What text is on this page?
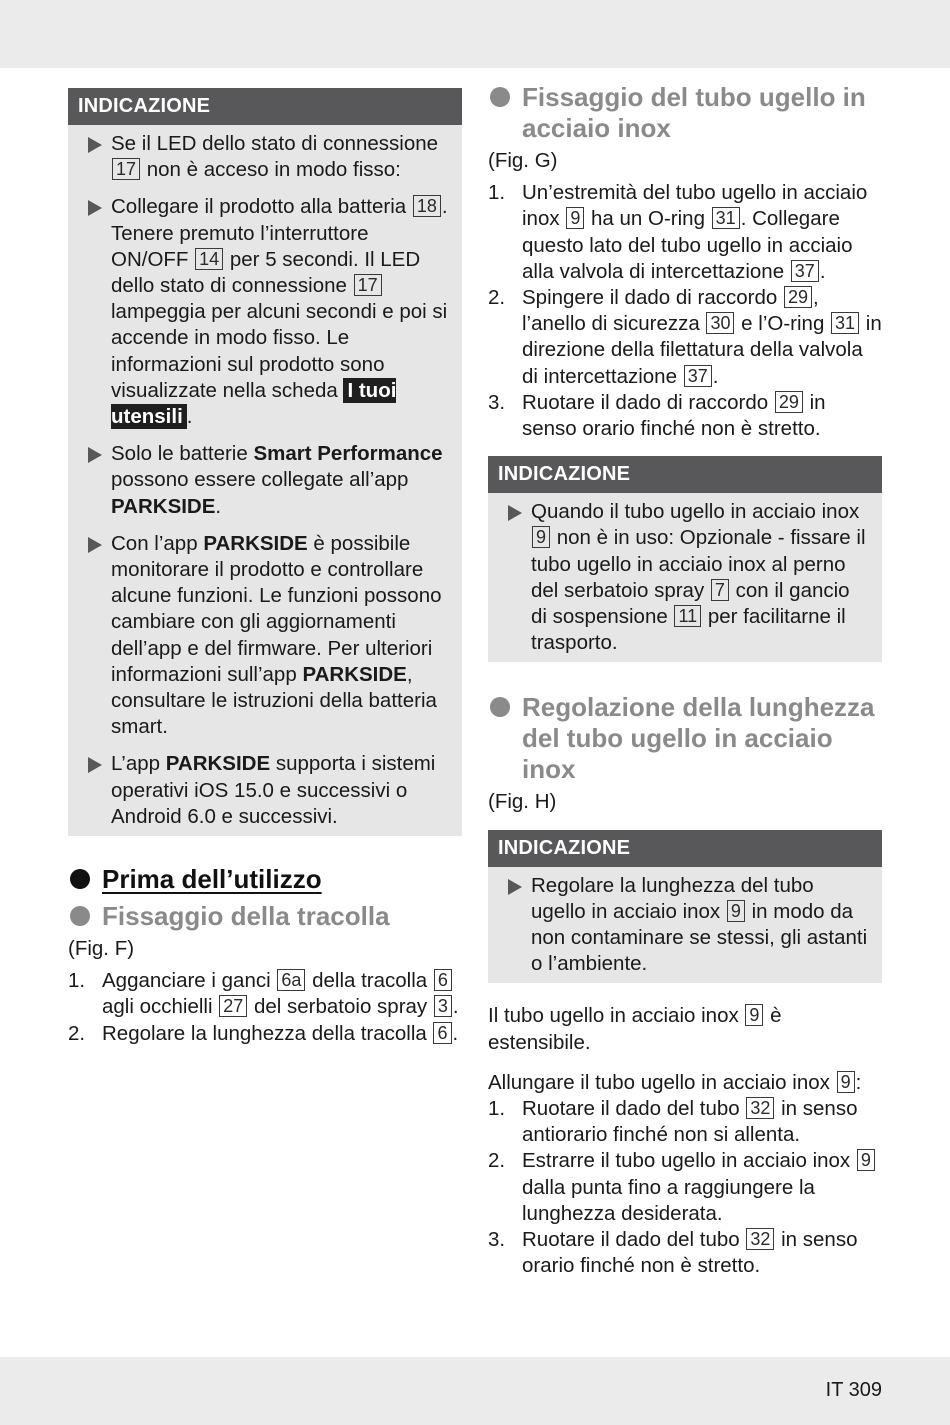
INDICAZIONE
Se il LED dello stato di connessione 17 non è acceso in modo fisso:
Collegare il prodotto alla batteria 18 . Tenere premuto l’interruttore ON/OFF 14 per 5 secondi. Il LED dello stato di connessione 17 lampeggia per alcuni secondi e poi si accende in modo fisso. Le informazioni sul prodotto sono visualizzate nella scheda I tuoi utensili .
Solo le batterie Smart Performance possono essere collegate all’app PARKSIDE.
Con l’app PARKSIDE è possibile monitorare il prodotto e controllare alcune funzioni. Le funzioni possono cambiare con gli aggiornamenti dell’app e del firmware. Per ulteriori informazioni sull’app PARKSIDE, consultare le istruzioni della batteria smart.
L’app PARKSIDE supporta i sistemi operativi iOS 15.0 e successivi o Android 6.0 e successivi.
Prima dell’utilizzo
Fissaggio della tracolla
(Fig. F)
1. Agganciare i ganci 6a della tracolla 6 agli occhielli 27 del serbatoio spray 3 .
2. Regolare la lunghezza della tracolla 6 .
Fissaggio del tubo ugello in acciaio inox
(Fig. G)
1. Un’estremità del tubo ugello in acciaio inox 9 ha un O-ring 31 . Collegare questo lato del tubo ugello in acciaio alla valvola di intercettazione 37 .
2. Spingere il dado di raccordo 29 , l’anello di sicurezza 30 e l’O-ring 31 in direzione della filettatura della valvola di intercettazione 37 .
3. Ruotare il dado di raccordo 29 in senso orario finché non è stretto.
INDICAZIONE
Quando il tubo ugello in acciaio inox 9 non è in uso: Opzionale - fissare il tubo ugello in acciaio inox al perno del serbatoio spray 7 con il gancio di sospensione 11 per facilitarne il trasporto.
Regolazione della lunghezza del tubo ugello in acciaio inox
(Fig. H)
INDICAZIONE
Regolare la lunghezza del tubo ugello in acciaio inox 9 in modo da non contaminare se stessi, gli astanti o l’ambiente.

Il tubo ugello in acciaio inox 9 è estensibile.

Allungare il tubo ugello in acciaio inox 9 :

1. Ruotare il dado del tubo 32 in senso antiorario finché non si allenta.
2. Estrarre il tubo ugello in acciaio inox 9 dalla punta fino a raggiungere la lunghezza desiderata.
3. Ruotare il dado del tubo 32 in senso orario finché non è stretto.
IT 309
